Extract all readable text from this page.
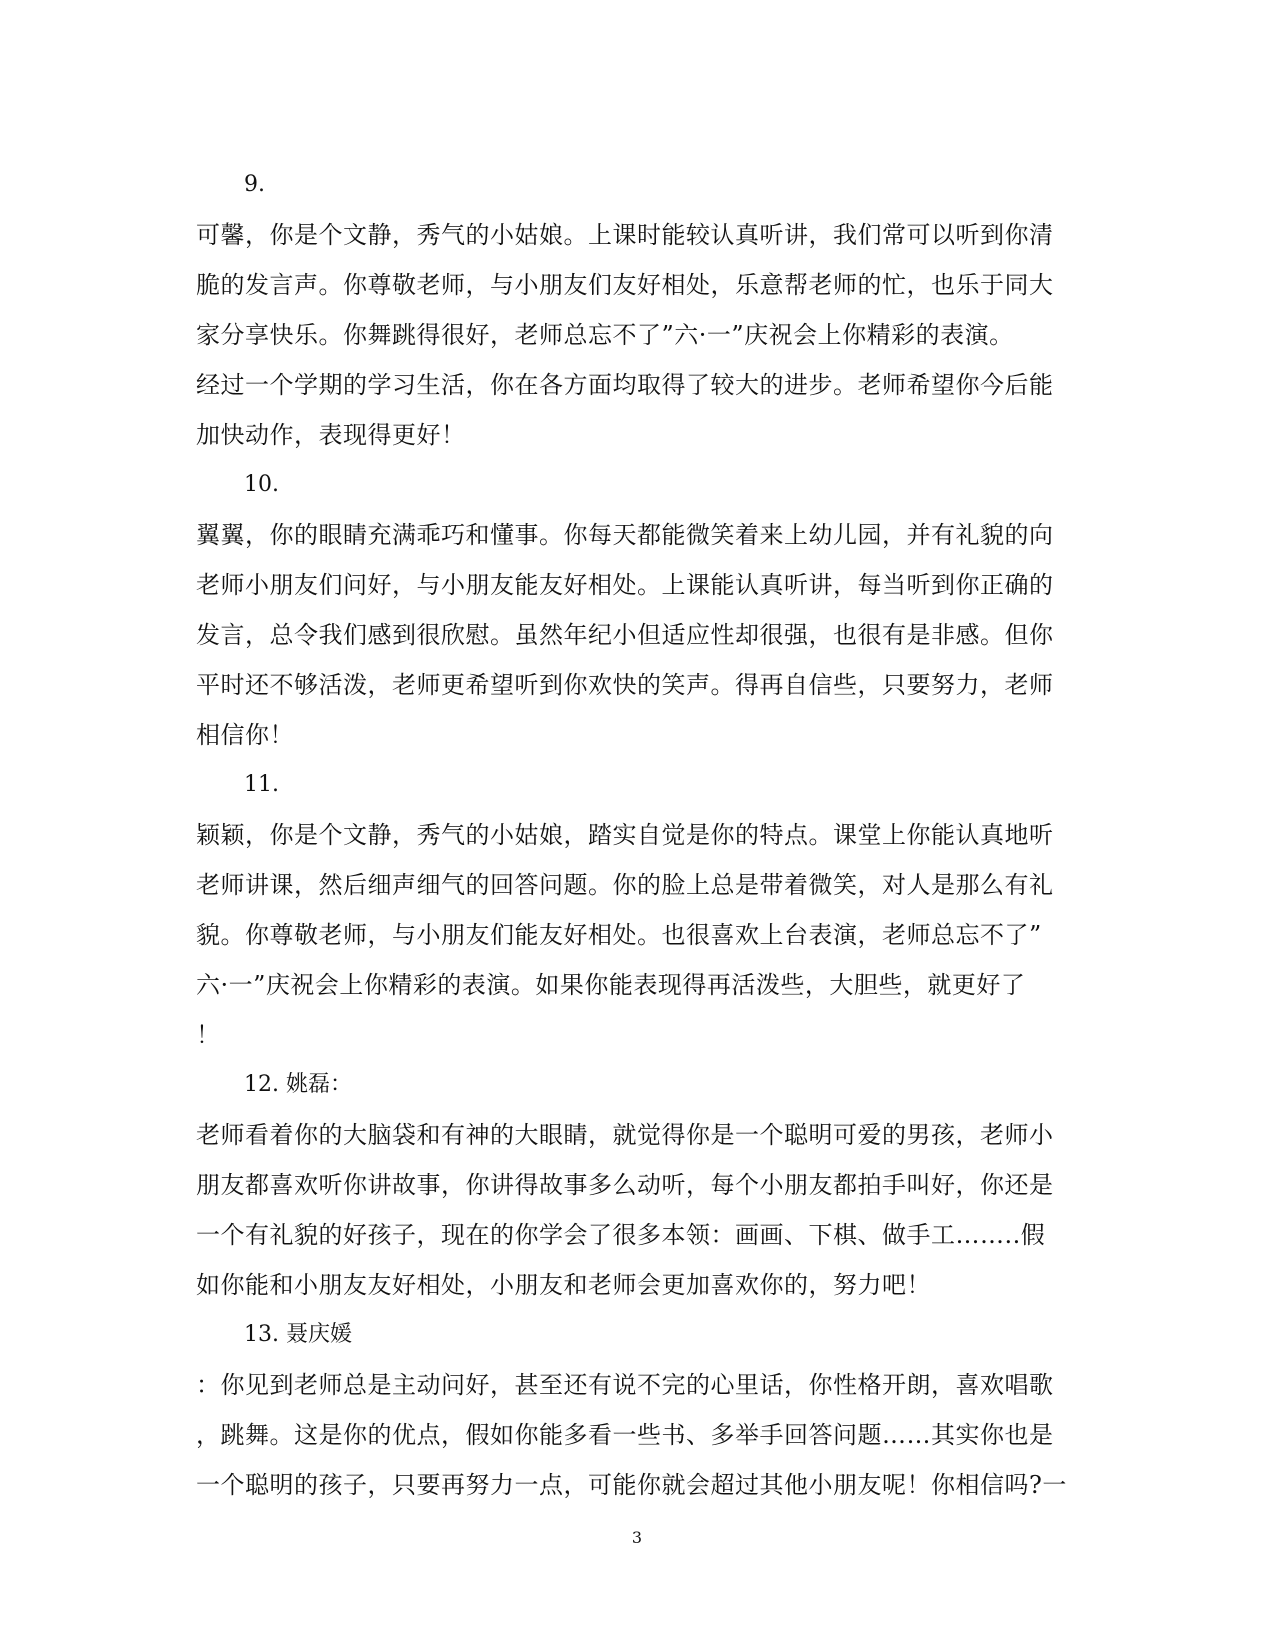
9.
可馨，你是个文静，秀气的小姑娘。上课时能较认真听讲，我们常可以听到你清
脆的发言声。你尊敬老师，与小朋友们友好相处，乐意帮老师的忙，也乐于同大
家分享快乐。你舞跳得很好，老师总忘不了”六·一”庆祝会上你精彩的表演。
经过一个学期的学习生活，你在各方面均取得了较大的进步。老师希望你今后能
加快动作，表现得更好！
10.
翼翼，你的眼睛充满乖巧和懂事。你每天都能微笑着来上幼儿园，并有礼貌的向
老师小朋友们问好，与小朋友能友好相处。上课能认真听讲，每当听到你正确的
发言，总令我们感到很欣慰。虽然年纪小但适应性却很强，也很有是非感。但你
平时还不够活泼，老师更希望听到你欢快的笑声。得再自信些，只要努力，老师
相信你！
11.
颖颖，你是个文静，秀气的小姑娘，踏实自觉是你的特点。课堂上你能认真地听
老师讲课，然后细声细气的回答问题。你的脸上总是带着微笑，对人是那么有礼
貌。你尊敬老师，与小朋友们能友好相处。也很喜欢上台表演，老师总忘不了”
六·一”庆祝会上你精彩的表演。如果你能表现得再活泼些，大胆些，就更好了
！
12. 姚磊：
老师看着你的大脑袋和有神的大眼睛，就觉得你是一个聪明可爱的男孩，老师小
朋友都喜欢听你讲故事，你讲得故事多么动听，每个小朋友都拍手叫好，你还是
一个有礼貌的好孩子，现在的你学会了很多本领：画画、下棋、做手工……..假
如你能和小朋友友好相处，小朋友和老师会更加喜欢你的，努力吧！
13. 聂庆媛
：你见到老师总是主动问好，甚至还有说不完的心里话，你性格开朗，喜欢唱歌
，跳舞。这是你的优点，假如你能多看一些书、多举手回答问题……其实你也是
一个聪明的孩子，只要再努力一点，可能你就会超过其他小朋友呢！你相信吗?一
3
